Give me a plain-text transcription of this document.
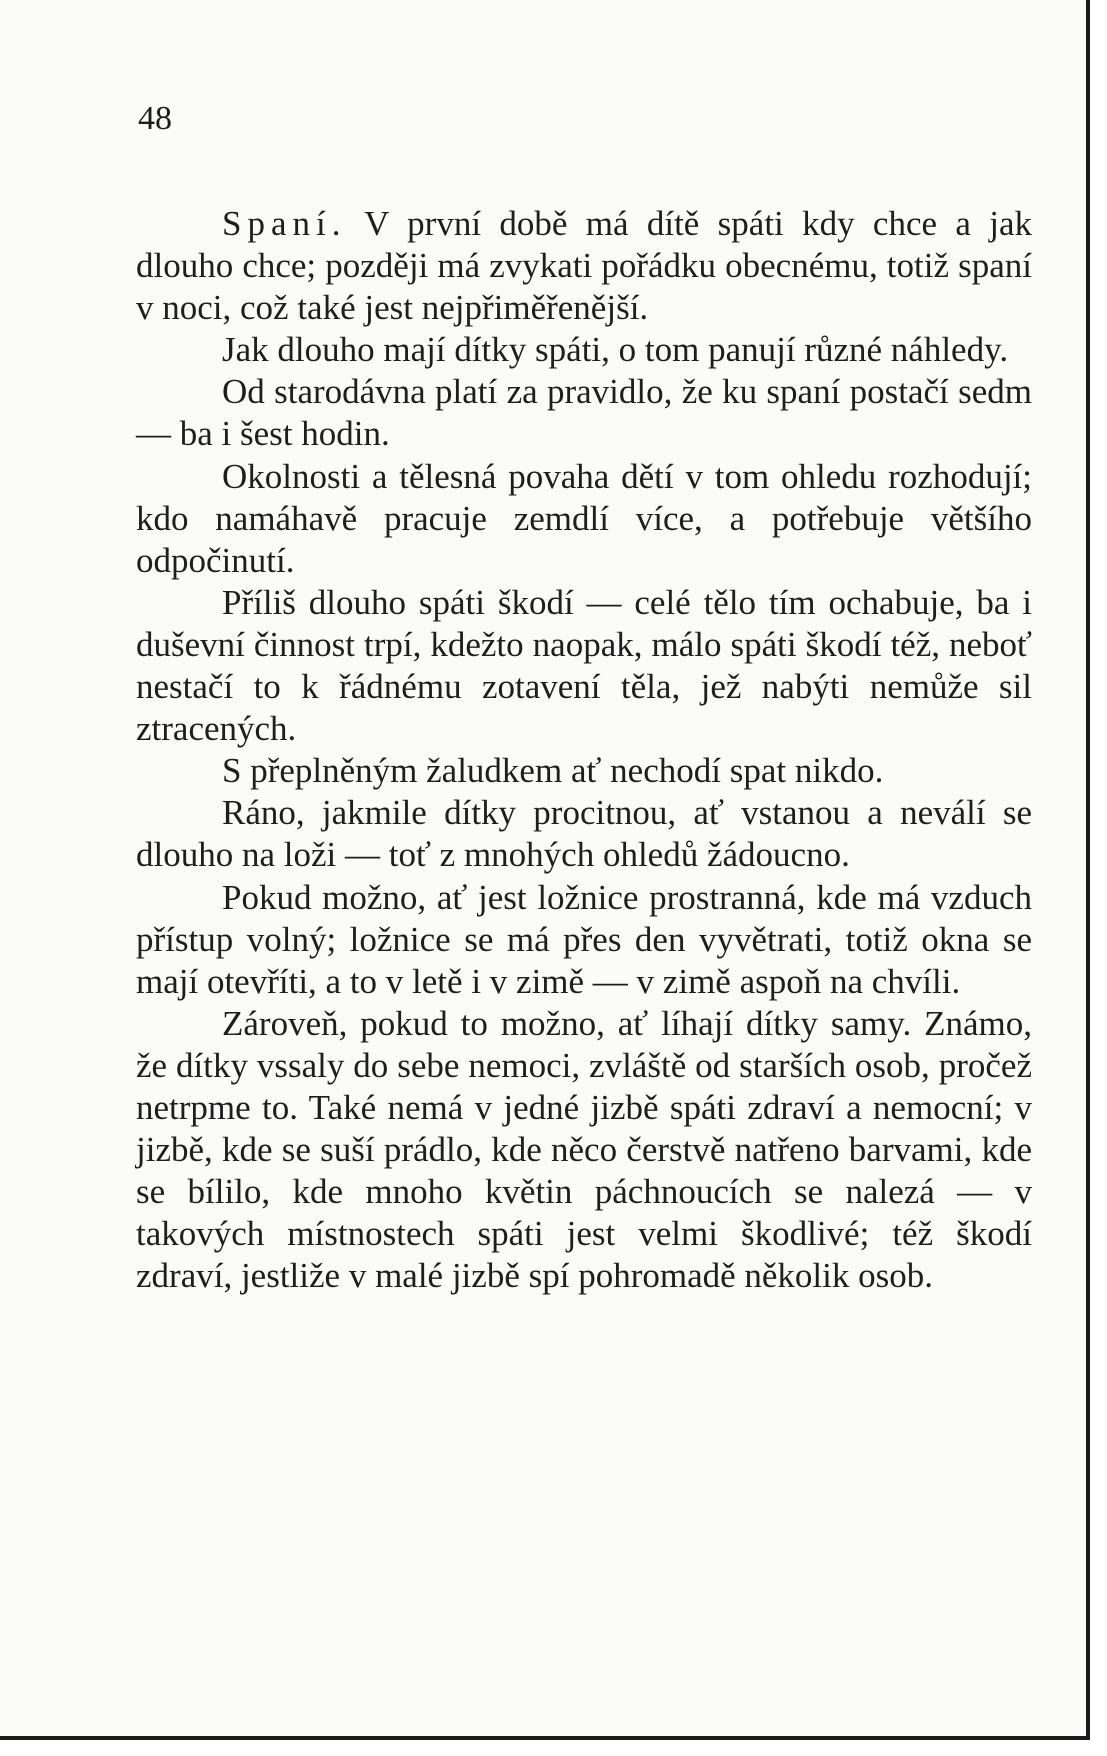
48

Spaní. V první době má dítě spáti kdy chce a jak dlouho chce; později má zvykati pořádku obecnému, totiž spaní v noci, což také jest nejpřiměřenější.

Jak dlouho mají dítky spáti, o tom panují různé náhledy.

Od starodávna platí za pravidlo, že ku spaní postačí sedm — ba i šest hodin.

Okolnosti a tělesná povaha dětí v tom ohledu rozhodují; kdo namáhavě pracuje zemdlí více, a potřebuje většího odpočinutí.

Příliš dlouho spáti škodí — celé tělo tím ochabuje, ba i duševní činnost trpí, kdežto naopak, málo spáti škodí též, neboť nestačí to k řádnému zotavení těla, jež nabýti nemůže sil ztracených.

S přeplněným žaludkem ať nechodí spat nikdo.

Ráno, jakmile dítky procitnou, ať vstanou a neválí se dlouho na loži — toť z mnohých ohledů žádoucno.

Pokud možno, ať jest ložnice prostranná, kde má vzduch přístup volný; ložnice se má přes den vyvětrati, totiž okna se mají otevříti, a to v letě i v zimě — v zimě aspoň na chvíli.

Zároveň, pokud to možno, ať líhají dítky samy. Známo, že dítky vssaly do sebe nemoci, zvláště od starších osob, pročež netrpme to. Také nemá v jedné jizbě spáti zdraví a nemocní; v jizbě, kde se suší prádlo, kde něco čerstvě natřeno barvami, kde se bílilo, kde mnoho květin páchnoucích se nalezá — v takových místnostech spáti jest velmi škodlivé; též škodí zdraví, jestliže v malé jizbě spí pohromadě několik osob.
